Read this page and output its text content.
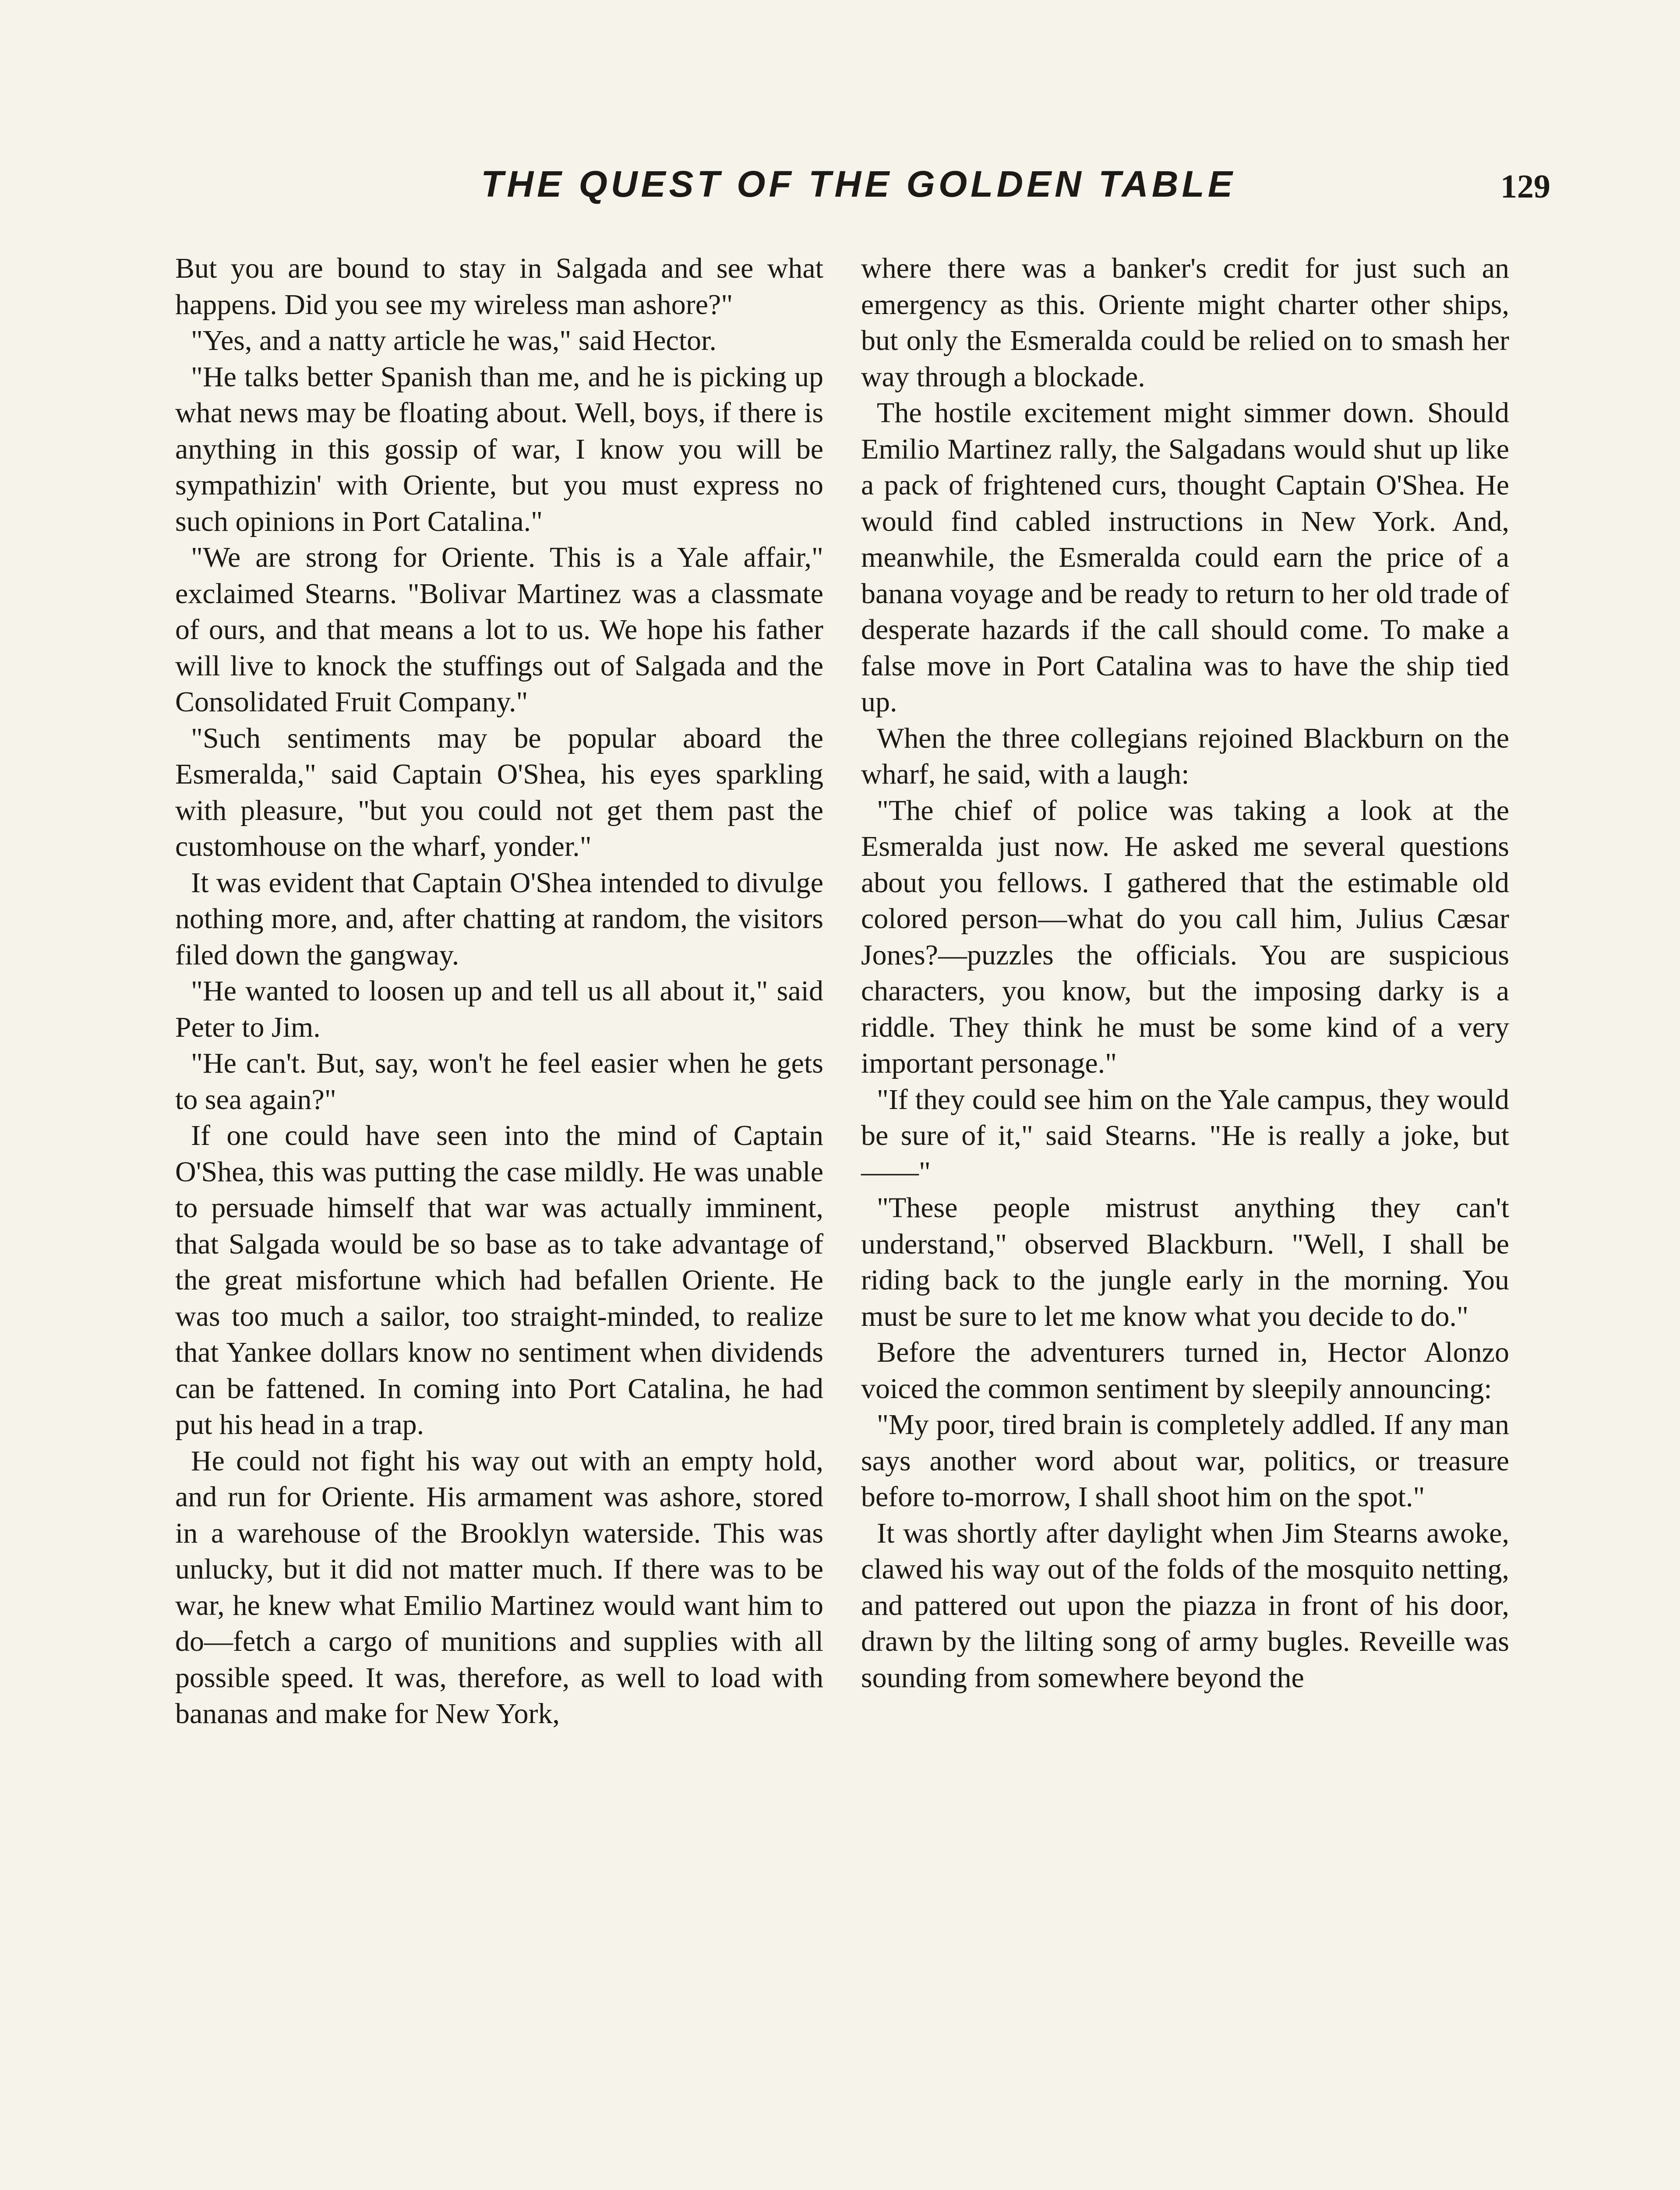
THE QUEST OF THE GOLDEN TABLE	129

But you are bound to stay in Salgada and see what happens. Did you see my wireless man ashore?"

"Yes, and a natty article he was," said Hector.

"He talks better Spanish than me, and he is picking up what news may be floating about. Well, boys, if there is anything in this gossip of war, I know you will be sympathizin' with Oriente, but you must express no such opinions in Port Catalina."

"We are strong for Oriente. This is a Yale affair," exclaimed Stearns. "Bolivar Martinez was a classmate of ours, and that means a lot to us. We hope his father will live to knock the stuffings out of Salgada and the Consolidated Fruit Company."

"Such sentiments may be popular aboard the Esmeralda," said Captain O'Shea, his eyes sparkling with pleasure, "but you could not get them past the customhouse on the wharf, yonder."

It was evident that Captain O'Shea intended to divulge nothing more, and, after chatting at random, the visitors filed down the gangway.

"He wanted to loosen up and tell us all about it," said Peter to Jim.

"He can't. But, say, won't he feel easier when he gets to sea again?"

If one could have seen into the mind of Captain O'Shea, this was putting the case mildly. He was unable to persuade himself that war was actually imminent, that Salgada would be so base as to take advantage of the great misfortune which had befallen Oriente. He was too much a sailor, too straight-minded, to realize that Yankee dollars know no sentiment when dividends can be fattened. In coming into Port Catalina, he had put his head in a trap.

He could not fight his way out with an empty hold, and run for Oriente. His armament was ashore, stored in a warehouse of the Brooklyn waterside. This was unlucky, but it did not matter much. If there was to be war, he knew what Emilio Martinez would want him to do—fetch a cargo of munitions and supplies with all possible speed. It was, therefore, as well to load with bananas and make for New York,

where there was a banker's credit for just such an emergency as this. Oriente might charter other ships, but only the Esmeralda could be relied on to smash her way through a blockade.

The hostile excitement might simmer down. Should Emilio Martinez rally, the Salgadans would shut up like a pack of frightened curs, thought Captain O'Shea. He would find cabled instructions in New York. And, meanwhile, the Esmeralda could earn the price of a banana voyage and be ready to return to her old trade of desperate hazards if the call should come. To make a false move in Port Catalina was to have the ship tied up.

When the three collegians rejoined Blackburn on the wharf, he said, with a laugh:

"The chief of police was taking a look at the Esmeralda just now. He asked me several questions about you fellows. I gathered that the estimable old colored person—what do you call him, Julius Cæsar Jones?—puzzles the officials. You are suspicious characters, you know, but the imposing darky is a riddle. They think he must be some kind of a very important personage."

"If they could see him on the Yale campus, they would be sure of it," said Stearns. "He is really a joke, but——"

"These people mistrust anything they can't understand," observed Blackburn. "Well, I shall be riding back to the jungle early in the morning. You must be sure to let me know what you decide to do."

Before the adventurers turned in, Hector Alonzo voiced the common sentiment by sleepily announcing:

"My poor, tired brain is completely addled. If any man says another word about war, politics, or treasure before to-morrow, I shall shoot him on the spot."

It was shortly after daylight when Jim Stearns awoke, clawed his way out of the folds of the mosquito netting, and pattered out upon the piazza in front of his door, drawn by the lilting song of army bugles. Reveille was sounding from somewhere beyond the
